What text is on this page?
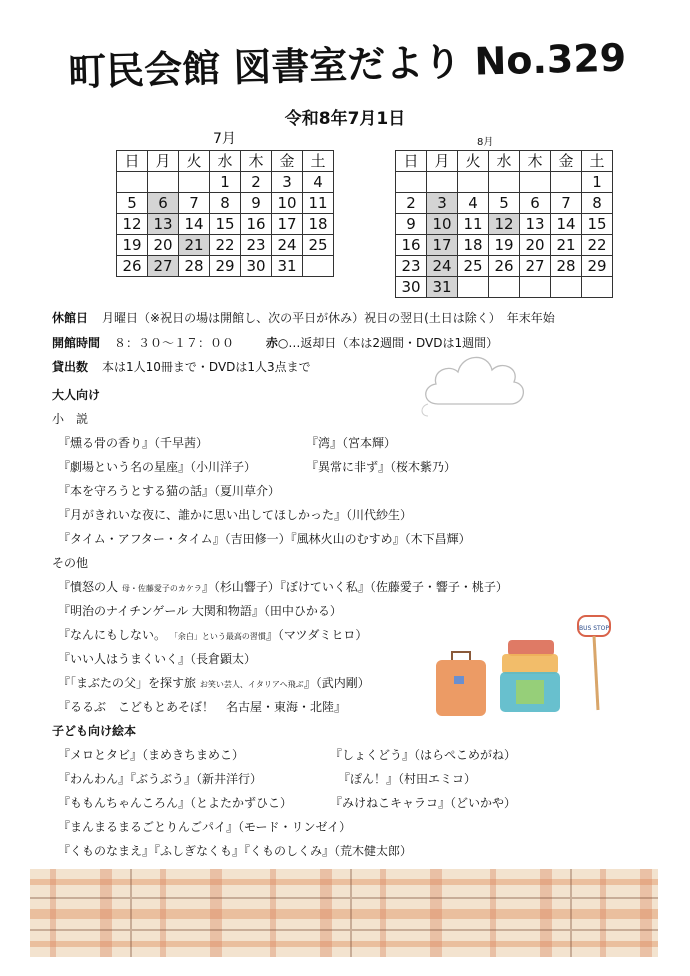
町民会館 図書室だより No.329
令和8年7月1日
7月
日	月	火	水	木	金	土
			1	2	3	4
5	6	7	8	9	10	11
12	13	14	15	16	17	18
19	20	21	22	23	24	25
26	27	28	29	30	31	
8月
日	月	火	水	木	金	土
						1
2	3	4	5	6	7	8
9	10	11	12	13	14	15
16	17	18	19	20	21	22
23	24	25	26	27	28	29
30	31					
休館日 月曜日（※祝日の場は開館し、次の平日が休み）祝日の翌日(土日は除く）　年末年始
開館時間 ８：３０～１７：００	赤○…返却日（本は2週間・DVDは1週間）
貸出数 本は1人10冊まで・DVDは1人3点まで
大人向け
小　説
『燻る骨の香り』（千早茜）	『湾』（宮本輝）
『劇場という名の星座』（小川洋子）	『異常に非ず』（桜木紫乃）
『本を守ろうとする猫の話』（夏川草介）
『月がきれいな夜に、誰かに思い出してほしかった』（川代紗生）
『タイム・アフター・タイム』（吉田修一）『風林火山のむすめ』（木下昌輝）
その他
『憤怒の人 母・佐藤愛子のカケラ』（杉山響子）『ぼけていく私』（佐藤愛子・響子・桃子）
『明治のナイチンゲール 大関和物語』（田中ひかる）
『なんにもしない。 「余白」という最高の習慣』（マツダミヒロ）
『いい人はうまくいく』（長倉顕太）
『「まぶたの父」を探す旅 お笑い芸人、イタリアへ飛ぶ』（武内剛）
『るるぶ　こどもとあそぼ！　名古屋・東海・北陸』
子ども向け絵本
『メロとタビ』（まめきちまめこ）	『しょくどう』（はらぺこめがね）
『わんわん』『ぶうぶう』（新井洋行）	『ぽん！』（村田エミコ）
『ももんちゃんころん』（とよたかずひこ）	『みけねこキャラコ』（どいかや）
『まんまるまるごとりんごパイ』（モード・リンゼイ）
『くものなまえ』『ふしぎなくも』『くものしくみ』（荒木健太郎）
BUS STOP
